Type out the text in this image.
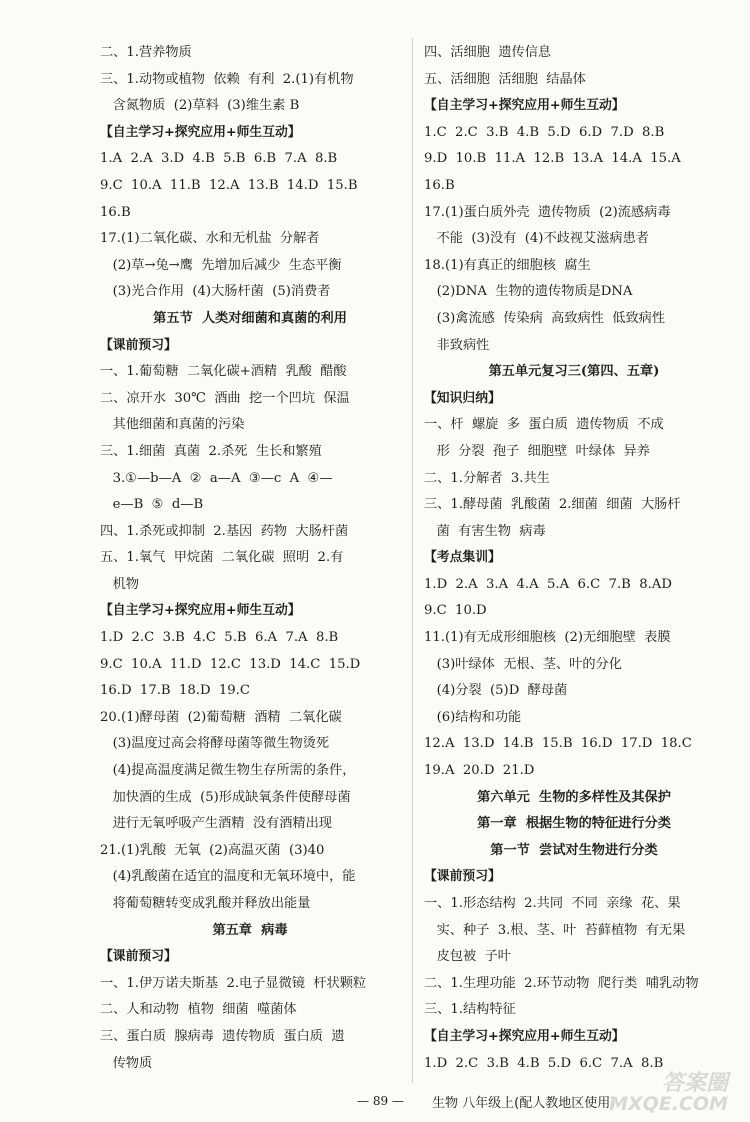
二、1.营养物质
三、1.动物或植物  依赖  有利  2.(1)有机物
含氮物质  (2)草料  (3)维生素 B
【自主学习+探究应用+师生互动】
1.A  2.A  3.D  4.B  5.B  6.B  7.A  8.B
9.C  10.A  11.B  12.A  13.B  14.D  15.B
16.B
17.(1)二氧化碳、水和无机盐  分解者
(2)草→兔→鹰  先增加后减少  生态平衡
(3)光合作用  (4)大肠杆菌  (5)消费者
第五节  人类对细菌和真菌的利用
【课前预习】
一、1.葡萄糖  二氧化碳+酒精  乳酸  醋酸
二、凉开水  30℃  酒曲  挖一个凹坑  保温
其他细菌和真菌的污染
三、1.细菌  真菌  2.杀死  生长和繁殖
3.①—b—A  ②  a—A  ③—c  A  ④—
e—B  ⑤  d—B
四、1.杀死或抑制  2.基因  药物  大肠杆菌
五、1.氧气  甲烷菌  二氧化碳  照明  2.有
机物
【自主学习+探究应用+师生互动】
1.D  2.C  3.B  4.C  5.B  6.A  7.A  8.B
9.C  10.A  11.D  12.C  13.D  14.C  15.D
16.D  17.B  18.D  19.C
20.(1)酵母菌  (2)葡萄糖  酒精  二氧化碳
(3)温度过高会将酵母菌等微生物烫死
(4)提高温度满足微生物生存所需的条件，
加快酒的生成  (5)形成缺氧条件使酵母菌
进行无氧呼吸产生酒精  没有酒精出现
21.(1)乳酸  无氧  (2)高温灭菌  (3)40
(4)乳酸菌在适宜的温度和无氧环境中，能
将葡萄糖转变成乳酸并释放出能量
第五章  病毒
【课前预习】
一、1.伊万诺夫斯基  2.电子显微镜  杆状颗粒
二、人和动物  植物  细菌  噬菌体
三、蛋白质  腺病毒  遗传物质  蛋白质  遗
传物质
四、活细胞  遗传信息
五、活细胞  活细胞  结晶体
【自主学习+探究应用+师生互动】
1.C  2.C  3.B  4.B  5.D  6.D  7.D  8.B
9.D  10.B  11.A  12.B  13.A  14.A  15.A
16.B
17.(1)蛋白质外壳  遗传物质  (2)流感病毒
不能  (3)没有  (4)不歧视艾滋病患者
18.(1)有真正的细胞核  腐生
(2)DNA  生物的遗传物质是DNA
(3)禽流感  传染病  高致病性  低致病性
非致病性
第五单元复习三(第四、五章)
【知识归纳】
一、杆  螺旋  多  蛋白质  遗传物质  不成
形  分裂  孢子  细胞壁  叶绿体  异养
二、1.分解者  3.共生
三、1.酵母菌  乳酸菌  2.细菌  细菌  大肠杆
菌  有害生物  病毒
【考点集训】
1.D  2.A  3.A  4.A  5.A  6.C  7.B  8.AD
9.C  10.D
11.(1)有无成形细胞核  (2)无细胞壁  表膜
(3)叶绿体  无根、茎、叶的分化
(4)分裂  (5)D  酵母菌
(6)结构和功能
12.A  13.D  14.B  15.B  16.D  17.D  18.C
19.A  20.D  21.D
第六单元  生物的多样性及其保护
第一章  根据生物的特征进行分类
第一节  尝试对生物进行分类
【课前预习】
一、1.形态结构  2.共同  不同  亲缘  花、果
实、种子  3.根、茎、叶  苔藓植物  有无果
皮包被  子叶
二、1.生理功能  2.环节动物  爬行类  哺乳动物
三、1.结构特征
【自主学习+探究应用+师生互动】
1.D  2.C  3.B  4.B  5.D  6.C  7.A  8.B
— 89 — 生物 八年级上(配人教地区使用)
答案圈
MXQE.COM
